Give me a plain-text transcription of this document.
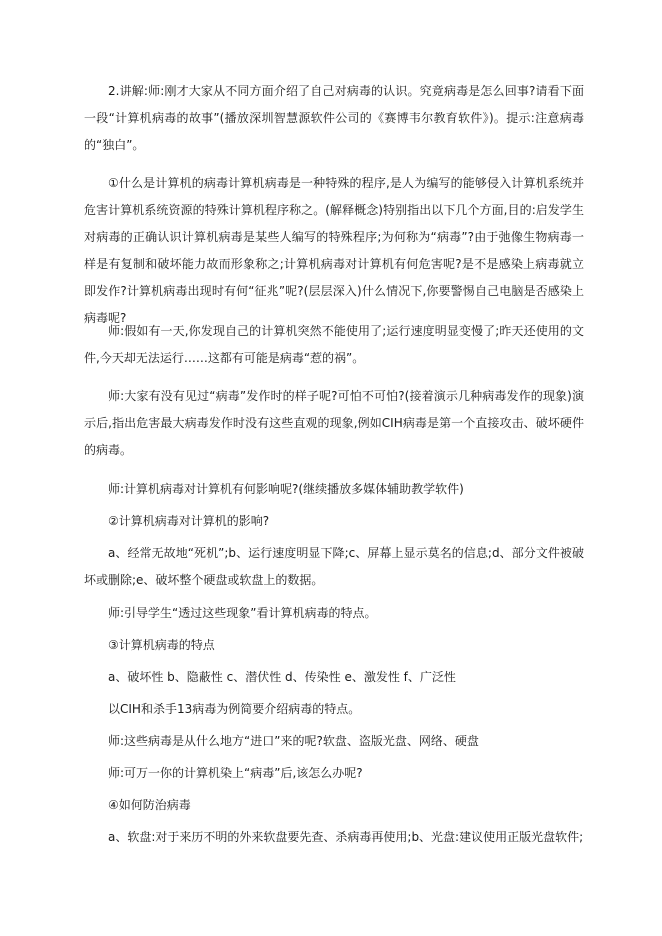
2.讲解:师:刚才大家从不同方面介绍了自己对病毒的认识。究竟病毒是怎么回事?请看下面一段“计算机病毒的故事”(播放深圳智慧源软件公司的《赛博韦尔教育软件》)。提示:注意病毒的“独白”。

①什么是计算机的病毒计算机病毒是一种特殊的程序,是人为编写的能够侵入计算机系统并危害计算机系统资源的特殊计算机程序称之。(解释概念)特别指出以下几个方面,目的:启发学生对病毒的正确认识计算机病毒是某些人编写的特殊程序;为何称为“病毒”?由于弛像生物病毒一样是有复制和破坏能力故而形象称之;计算机病毒对计算机有何危害呢?是不是感染上病毒就立即发作?计算机病毒出现时有何“征兆”呢?(层层深入)什么情况下,你要警惕自己电脑是否感染上病毒呢?

师:假如有一天,你发现自己的计算机突然不能使用了;运行速度明显变慢了;昨天还使用的文件,今天却无法运行……这都有可能是病毒“惹的祸”。

师:大家有没有见过“病毒”发作时的样子呢?可怕不可怕?(接着演示几种病毒发作的现象)演示后,指出危害最大病毒发作时没有这些直观的现象,例如CIH病毒是第一个直接攻击、破坏硬件的病毒。

师:计算机病毒对计算机有何影响呢?(继续播放多媒体辅助教学软件)

②计算机病毒对计算机的影响?

a、经常无故地“死机”;b、运行速度明显下降;c、屏幕上显示莫名的信息;d、部分文件被破坏或删除;e、破坏整个硬盘或软盘上的数据。

师:引导学生“透过这些现象”看计算机病毒的特点。

③计算机病毒的特点

a、破坏性 b、隐蔽性 c、潜伏性 d、传染性 e、激发性 f、广泛性

以CIH和杀手13病毒为例简要介绍病毒的特点。

师:这些病毒是从什么地方“进口”来的呢?软盘、盗版光盘、网络、硬盘

师:可万一你的计算机染上“病毒”后,该怎么办呢?

④如何防治病毒

a、软盘:对于来历不明的外来软盘要先查、杀病毒再使用;b、光盘:建议使用正版光盘软件;
